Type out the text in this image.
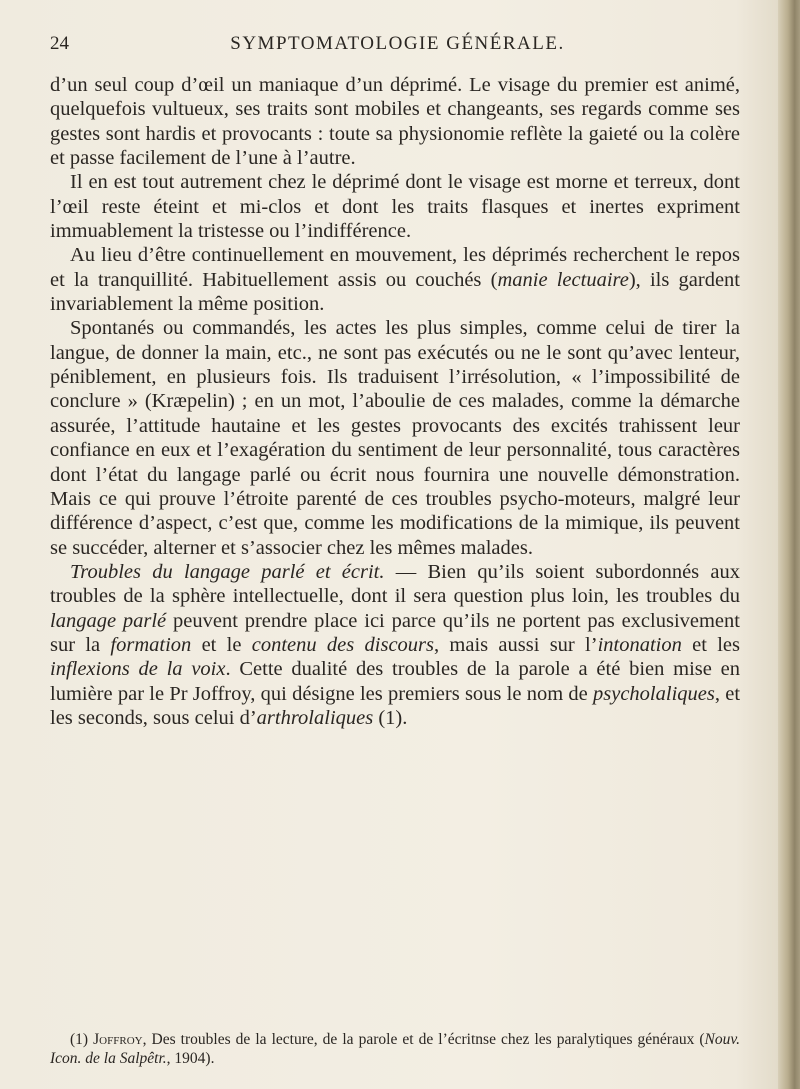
24	SYMPTOMATOLOGIE GÉNÉRALE.

d’un seul coup d’œil un maniaque d’un déprimé. Le visage du premier est animé, quelquefois vultueux, ses traits sont mobiles et changeants, ses regards comme ses gestes sont hardis et provocants : toute sa physionomie reflète la gaieté ou la colère et passe facilement de l’une à l’autre.

Il en est tout autrement chez le déprimé dont le visage est morne et terreux, dont l’œil reste éteint et mi-clos et dont les traits flasques et inertes expriment immuablement la tristesse ou l’indifférence.

Au lieu d’être continuellement en mouvement, les déprimés recherchent le repos et la tranquillité. Habituellement assis ou couchés (manie lectuaire), ils gardent invariablement la même position.

Spontanés ou commandés, les actes les plus simples, comme celui de tirer la langue, de donner la main, etc., ne sont pas exécutés ou ne le sont qu’avec lenteur, péniblement, en plusieurs fois. Ils traduisent l’irrésolution, « l’impossibilité de conclure » (Kræpelin) ; en un mot, l’aboulie de ces malades, comme la démarche assurée, l’attitude hautaine et les gestes provocants des excités trahissent leur confiance en eux et l’exagération du sentiment de leur personnalité, tous caractères dont l’état du langage parlé ou écrit nous fournira une nouvelle démonstration. Mais ce qui prouve l’étroite parenté de ces troubles psycho-moteurs, malgré leur différence d’aspect, c’est que, comme les modifications de la mimique, ils peuvent se succéder, alterner et s’associer chez les mêmes malades.

Troubles du langage parlé et écrit. — Bien qu’ils soient subordonnés aux troubles de la sphère intellectuelle, dont il sera question plus loin, les troubles du langage parlé peuvent prendre place ici parce qu’ils ne portent pas exclusivement sur la formation et le contenu des discours, mais aussi sur l’intonation et les inflexions de la voix. Cette dualité des troubles de la parole a été bien mise en lumière par le Pr Joffroy, qui désigne les premiers sous le nom de psycholaliques, et les seconds, sous celui d’arthrolaliques (1).

(1) Joffroy, Des troubles de la lecture, de la parole et de l’écritnse chez les paralytiques généraux (Nouv. Icon. de la Salpêtr., 1904).
